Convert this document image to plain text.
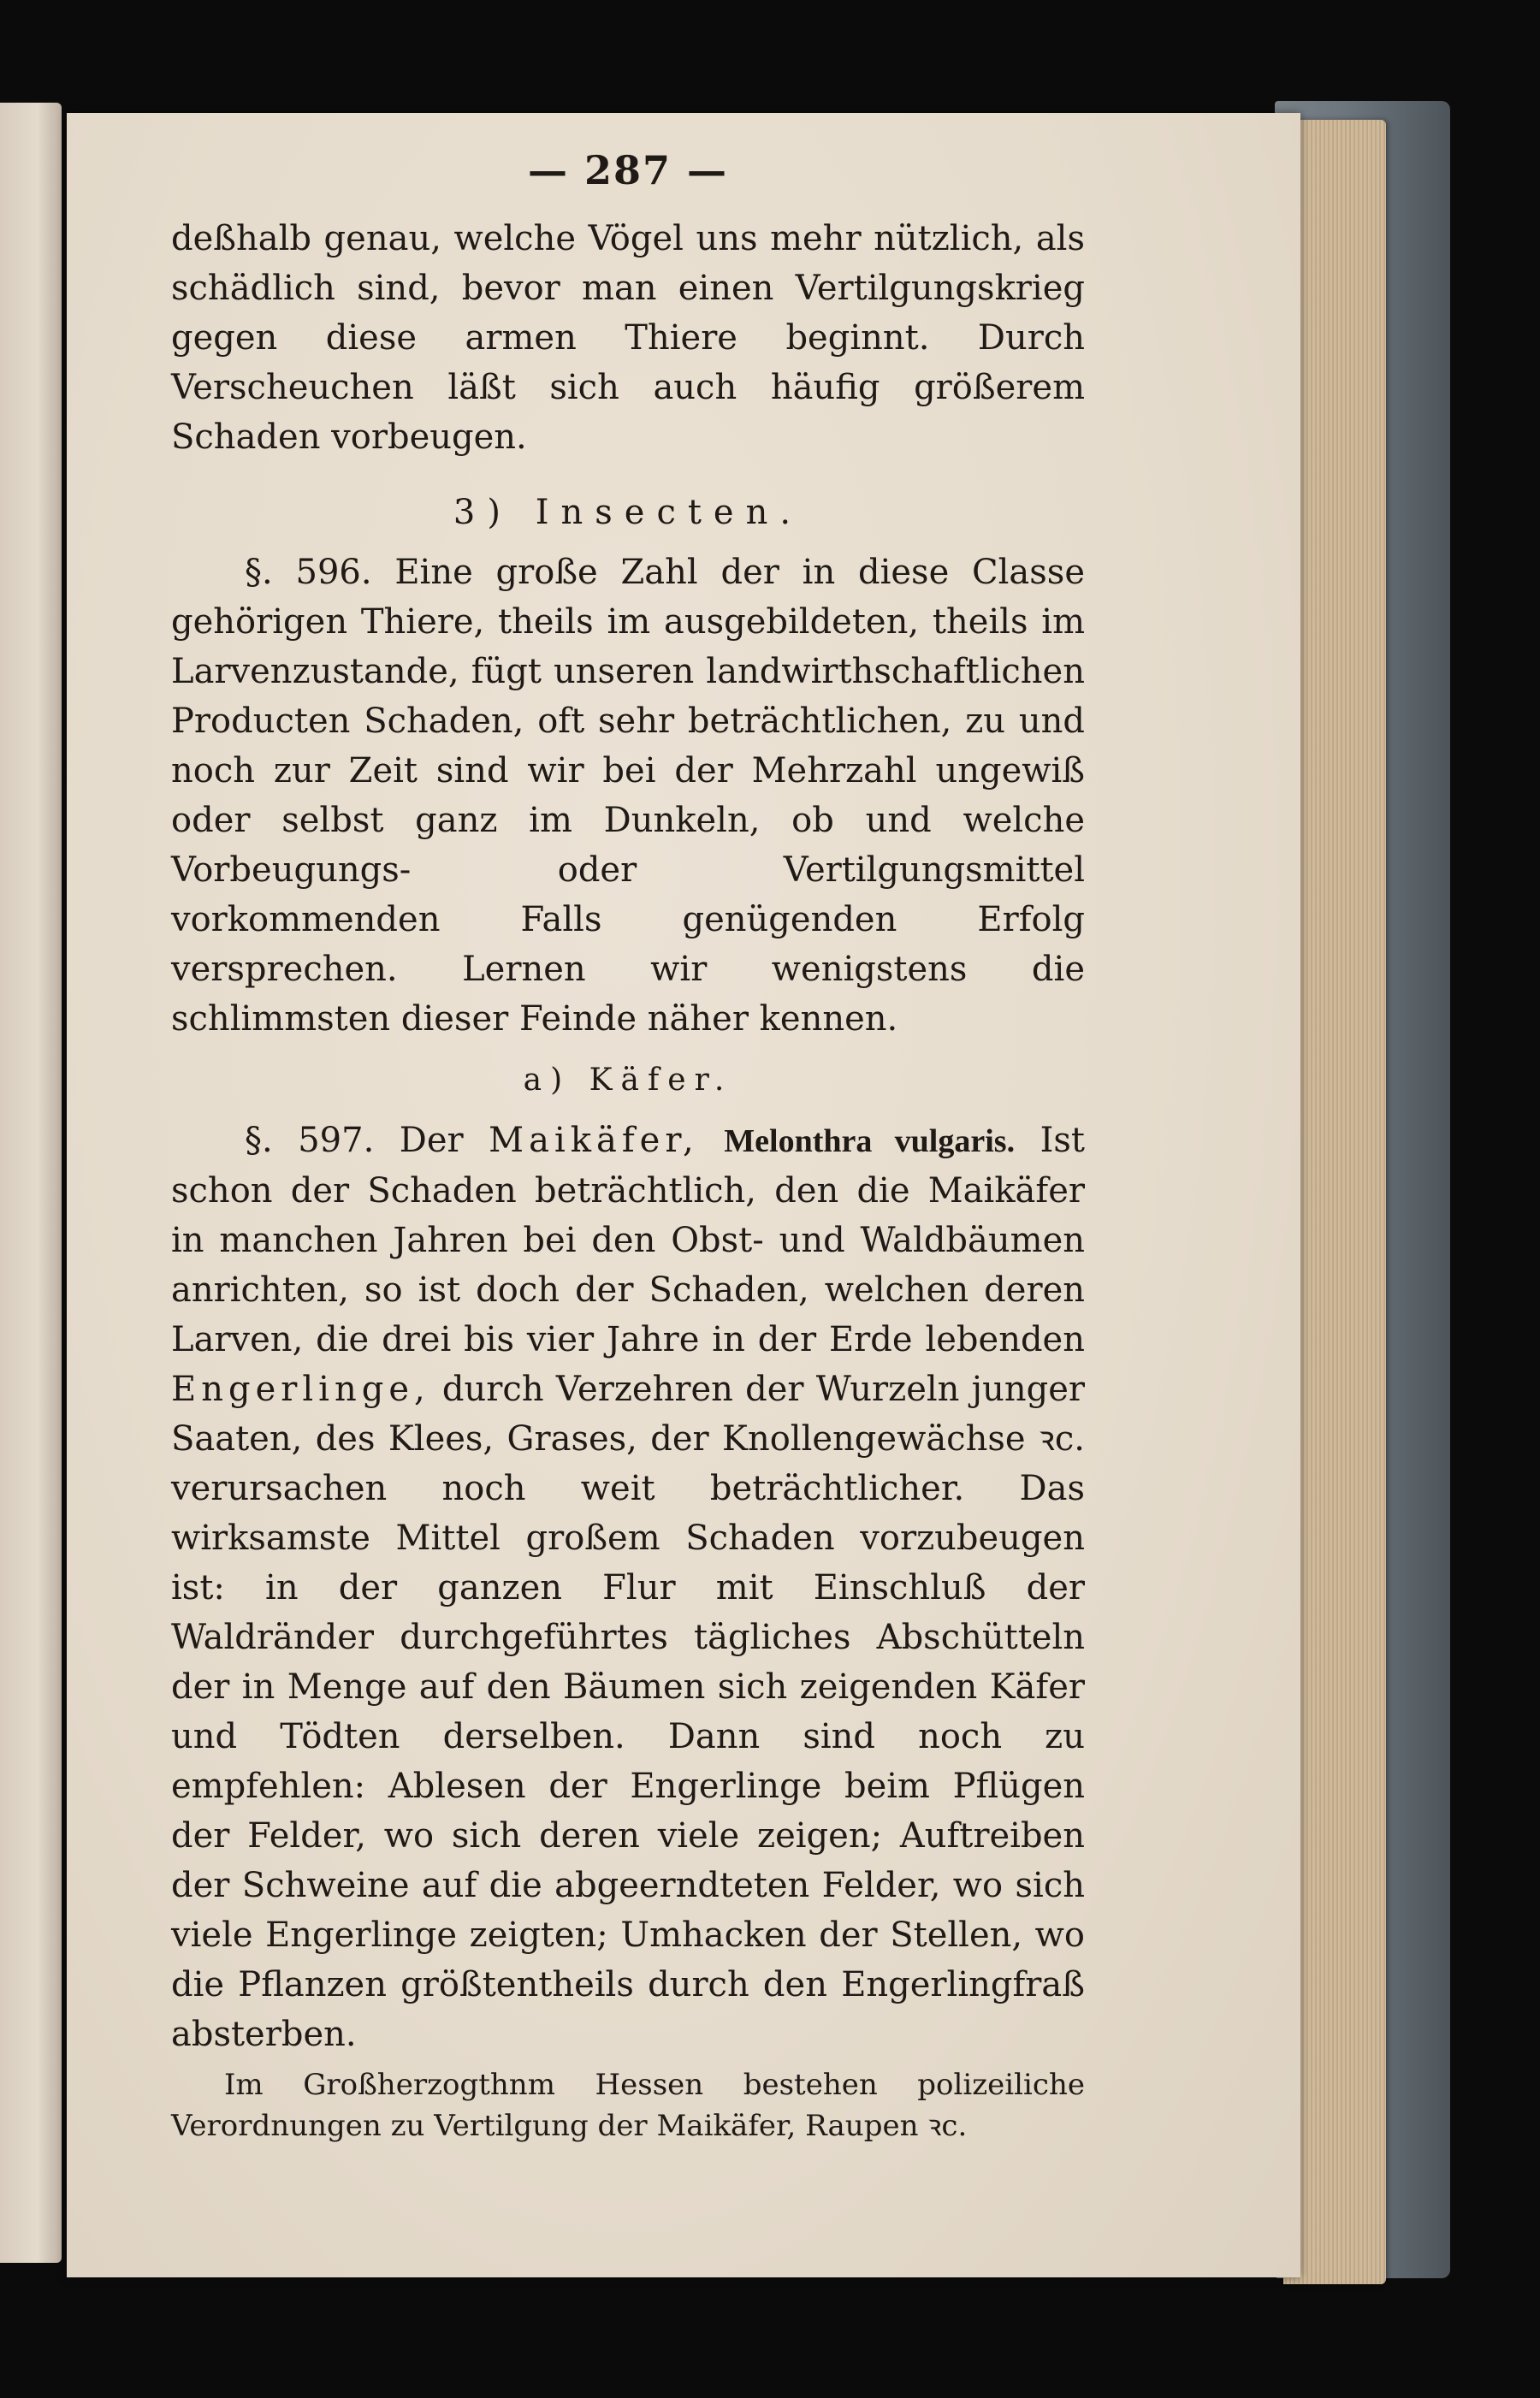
— 287 —

deßhalb genau, welche Vögel uns mehr nützlich, als schädlich sind, bevor man einen Vertilgungskrieg gegen diese armen Thiere beginnt. Durch Verscheuchen läßt sich auch häufig größerem Schaden vorbeugen.

3) Insecten.

§. 596. Eine große Zahl der in diese Classe gehörigen Thiere, theils im ausgebildeten, theils im Larvenzustande, fügt unseren landwirthschaftlichen Producten Schaden, oft sehr beträchtlichen, zu und noch zur Zeit sind wir bei der Mehrzahl ungewiß oder selbst ganz im Dunkeln, ob und welche Vorbeugungs- oder Vertilgungsmittel vorkommenden Falls genügenden Erfolg versprechen. Lernen wir wenigstens die schlimmsten dieser Feinde näher kennen.

a) Käfer.

§. 597. Der Maikäfer, Melonthra vulgaris. Ist schon der Schaden beträchtlich, den die Maikäfer in manchen Jahren bei den Obst- und Waldbäumen anrichten, so ist doch der Schaden, welchen deren Larven, die drei bis vier Jahre in der Erde lebenden Engerlinge, durch Verzehren der Wurzeln junger Saaten, des Klees, Grases, der Knollengewächse ꝛc. verursachen noch weit beträchtlicher. Das wirksamste Mittel großem Schaden vorzubeugen ist: in der ganzen Flur mit Einschluß der Waldränder durchgeführtes tägliches Abschütteln der in Menge auf den Bäumen sich zeigenden Käfer und Tödten derselben. Dann sind noch zu empfehlen: Ablesen der Engerlinge beim Pflügen der Felder, wo sich deren viele zeigen; Auftreiben der Schweine auf die abgeerndteten Felder, wo sich viele Engerlinge zeigten; Umhacken der Stellen, wo die Pflanzen größtentheils durch den Engerlingfraß absterben.

Im Großherzogthnm Hessen bestehen polizeiliche Verordnungen zu Vertilgung der Maikäfer, Raupen ꝛc.
